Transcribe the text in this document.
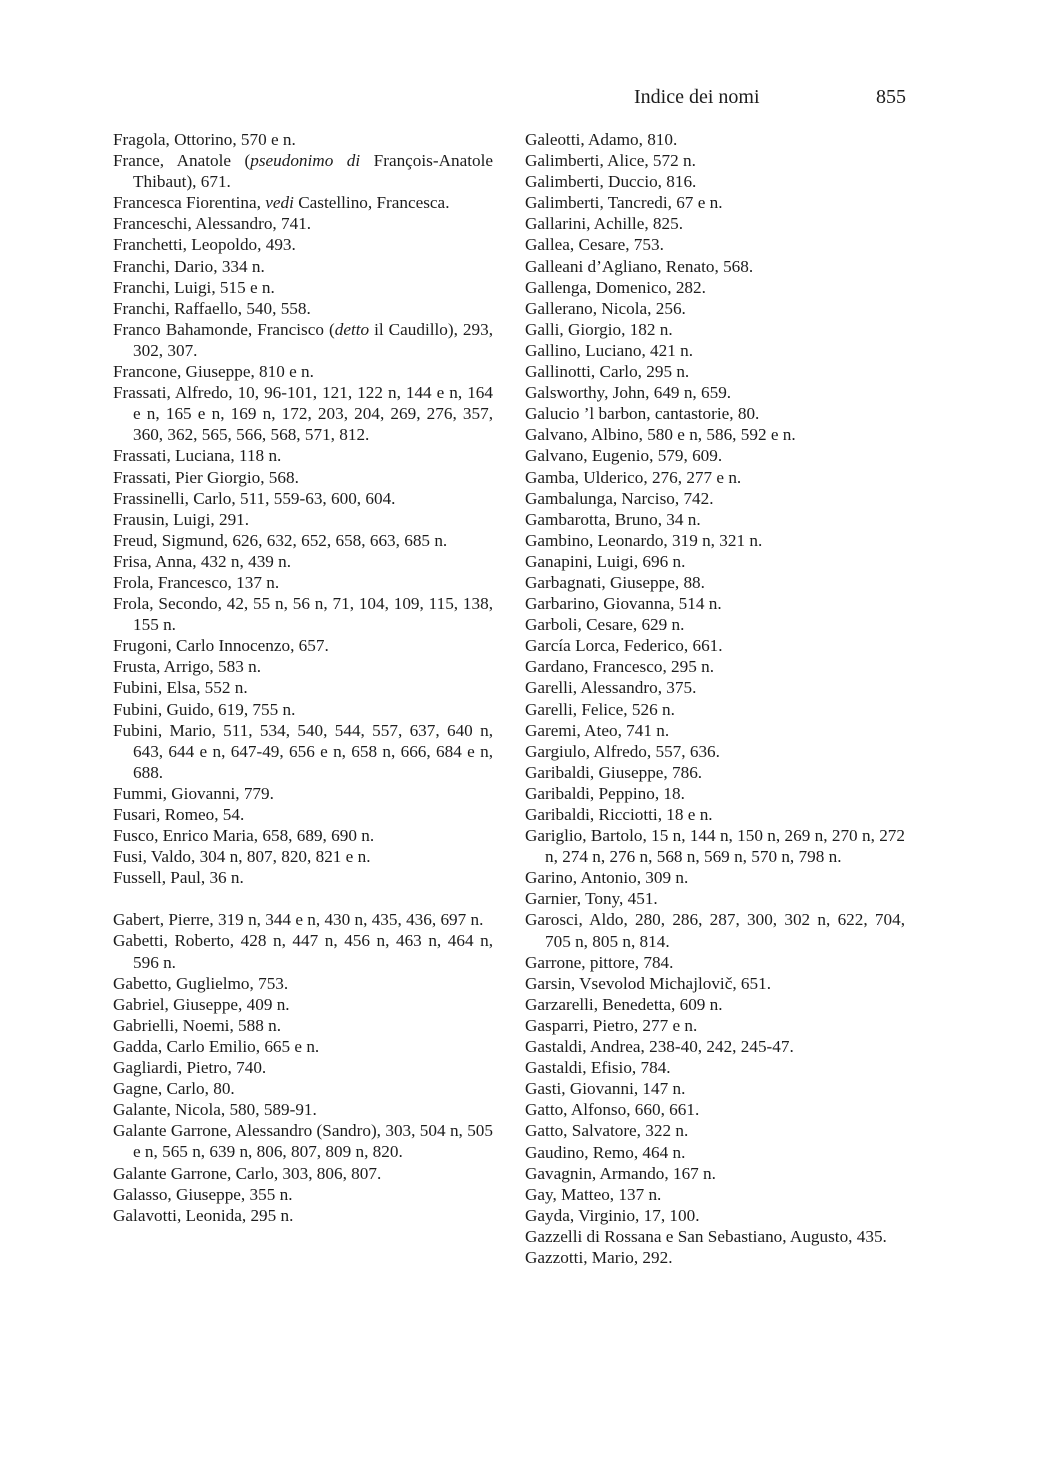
Indice dei nomi	855
Fragola, Ottorino, 570 e n.
France, Anatole (pseudonimo di François-Anatole Thibaut), 671.
Francesca Fiorentina, vedi Castellino, Francesca.
Franceschi, Alessandro, 741.
Franchetti, Leopoldo, 493.
Franchi, Dario, 334 n.
Franchi, Luigi, 515 e n.
Franchi, Raffaello, 540, 558.
Franco Bahamonde, Francisco (detto il Caudillo), 293, 302, 307.
Francone, Giuseppe, 810 e n.
Frassati, Alfredo, 10, 96-101, 121, 122 n, 144 e n, 164 e n, 165 e n, 169 n, 172, 203, 204, 269, 276, 357, 360, 362, 565, 566, 568, 571, 812.
Frassati, Luciana, 118 n.
Frassati, Pier Giorgio, 568.
Frassinelli, Carlo, 511, 559-63, 600, 604.
Frausin, Luigi, 291.
Freud, Sigmund, 626, 632, 652, 658, 663, 685 n.
Frisa, Anna, 432 n, 439 n.
Frola, Francesco, 137 n.
Frola, Secondo, 42, 55 n, 56 n, 71, 104, 109, 115, 138, 155 n.
Frugoni, Carlo Innocenzo, 657.
Frusta, Arrigo, 583 n.
Fubini, Elsa, 552 n.
Fubini, Guido, 619, 755 n.
Fubini, Mario, 511, 534, 540, 544, 557, 637, 640 n, 643, 644 e n, 647-49, 656 e n, 658 n, 666, 684 e n, 688.
Fummi, Giovanni, 779.
Fusari, Romeo, 54.
Fusco, Enrico Maria, 658, 689, 690 n.
Fusi, Valdo, 304 n, 807, 820, 821 e n.
Fussell, Paul, 36 n.
Gabert, Pierre, 319 n, 344 e n, 430 n, 435, 436, 697 n.
Gabetti, Roberto, 428 n, 447 n, 456 n, 463 n, 464 n, 596 n.
Gabetto, Guglielmo, 753.
Gabriel, Giuseppe, 409 n.
Gabrielli, Noemi, 588 n.
Gadda, Carlo Emilio, 665 e n.
Gagliardi, Pietro, 740.
Gagne, Carlo, 80.
Galante, Nicola, 580, 589-91.
Galante Garrone, Alessandro (Sandro), 303, 504 n, 505 e n, 565 n, 639 n, 806, 807, 809 n, 820.
Galante Garrone, Carlo, 303, 806, 807.
Galasso, Giuseppe, 355 n.
Galavotti, Leonida, 295 n.
Galeotti, Adamo, 810.
Galimberti, Alice, 572 n.
Galimberti, Duccio, 816.
Galimberti, Tancredi, 67 e n.
Gallarini, Achille, 825.
Gallea, Cesare, 753.
Galleani d’Agliano, Renato, 568.
Gallenga, Domenico, 282.
Gallerano, Nicola, 256.
Galli, Giorgio, 182 n.
Gallino, Luciano, 421 n.
Gallinotti, Carlo, 295 n.
Galsworthy, John, 649 n, 659.
Galucio ’l barbon, cantastorie, 80.
Galvano, Albino, 580 e n, 586, 592 e n.
Galvano, Eugenio, 579, 609.
Gamba, Ulderico, 276, 277 e n.
Gambalunga, Narciso, 742.
Gambarotta, Bruno, 34 n.
Gambino, Leonardo, 319 n, 321 n.
Ganapini, Luigi, 696 n.
Garbagnati, Giuseppe, 88.
Garbarino, Giovanna, 514 n.
Garboli, Cesare, 629 n.
García Lorca, Federico, 661.
Gardano, Francesco, 295 n.
Garelli, Alessandro, 375.
Garelli, Felice, 526 n.
Garemi, Ateo, 741 n.
Gargiulo, Alfredo, 557, 636.
Garibaldi, Giuseppe, 786.
Garibaldi, Peppino, 18.
Garibaldi, Ricciotti, 18 e n.
Gariglio, Bartolo, 15 n, 144 n, 150 n, 269 n, 270 n, 272 n, 274 n, 276 n, 568 n, 569 n, 570 n, 798 n.
Garino, Antonio, 309 n.
Garnier, Tony, 451.
Garosci, Aldo, 280, 286, 287, 300, 302 n, 622, 704, 705 n, 805 n, 814.
Garrone, pittore, 784.
Garsin, Vsevolod Michajlovič, 651.
Garzarelli, Benedetta, 609 n.
Gasparri, Pietro, 277 e n.
Gastaldi, Andrea, 238-40, 242, 245-47.
Gastaldi, Efisio, 784.
Gasti, Giovanni, 147 n.
Gatto, Alfonso, 660, 661.
Gatto, Salvatore, 322 n.
Gaudino, Remo, 464 n.
Gavagnin, Armando, 167 n.
Gay, Matteo, 137 n.
Gayda, Virginio, 17, 100.
Gazzelli di Rossana e San Sebastiano, Augusto, 435.
Gazzotti, Mario, 292.
